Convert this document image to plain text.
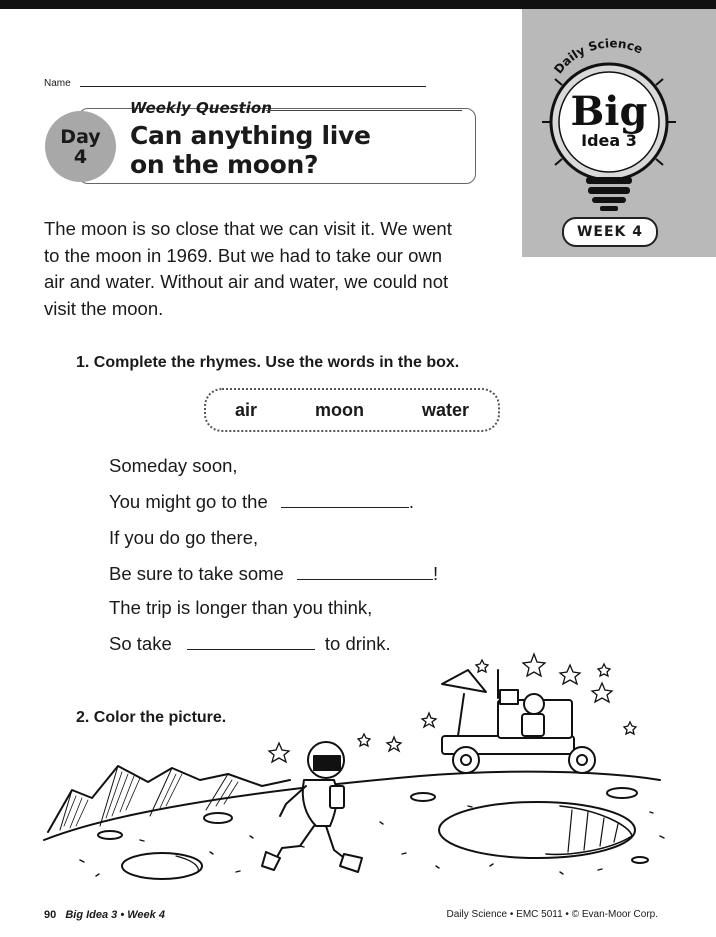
Daily Science
Big
Idea 3
WEEK 4
Name
Weekly Question
Can anything live
on the moon?
Day
4
The moon is so close that we can visit it. We went to the moon in 1969. But we had to take our own air and water. Without air and water, we could not visit the moon.
1. Complete the rhymes. Use the words in the box.
air	moon	water
Someday soon,
You might go to the	.
If you do go there,
Be sure to take some	!
The trip is longer than you think,
So take	to drink.
2. Color the picture.
90 Big Idea 3 • Week 4	Daily Science • EMC 5011 • © Evan-Moor Corp.
